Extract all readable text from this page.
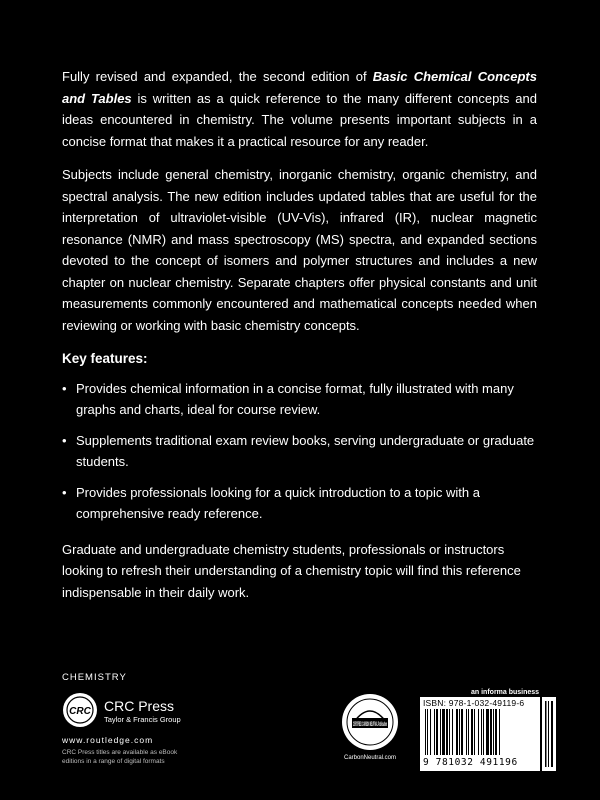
Fully revised and expanded, the second edition of Basic Chemical Concepts and Tables is written as a quick reference to the many different concepts and ideas encountered in chemistry. The volume presents important subjects in a concise format that makes it a practical resource for any reader.

Subjects include general chemistry, inorganic chemistry, organic chemistry, and spectral analysis. The new edition includes updated tables that are useful for the interpretation of ultraviolet-visible (UV-Vis), infrared (IR), nuclear magnetic resonance (NMR) and mass spectroscopy (MS) spectra, and expanded sections devoted to the concept of isomers and polymer structures and includes a new chapter on nuclear chemistry. Separate chapters offer physical constants and unit measurements commonly encountered and mathematical concepts needed when reviewing or working with basic chemistry concepts.

Key features:
• Provides chemical information in a concise format, fully illustrated with many graphs and charts, ideal for course review.
• Supplements traditional exam review books, serving undergraduate or graduate students.
• Provides professionals looking for a quick introduction to a topic with a comprehensive ready reference.

Graduate and undergraduate chemistry students, professionals or instructors looking to refresh their understanding of a chemistry topic will find this reference indispensable in their daily work.

CHEMISTRY
CRC CRC Press
Taylor & Francis Group
www.routledge.com
CRC Press titles are available as eBook editions in a range of digital formats
CERTIFIED CARBON NEUTRAL Publication
CarbonNeutral.com
an informa business
ISBN: 978-1-032-49119-6
9 781032 491196
